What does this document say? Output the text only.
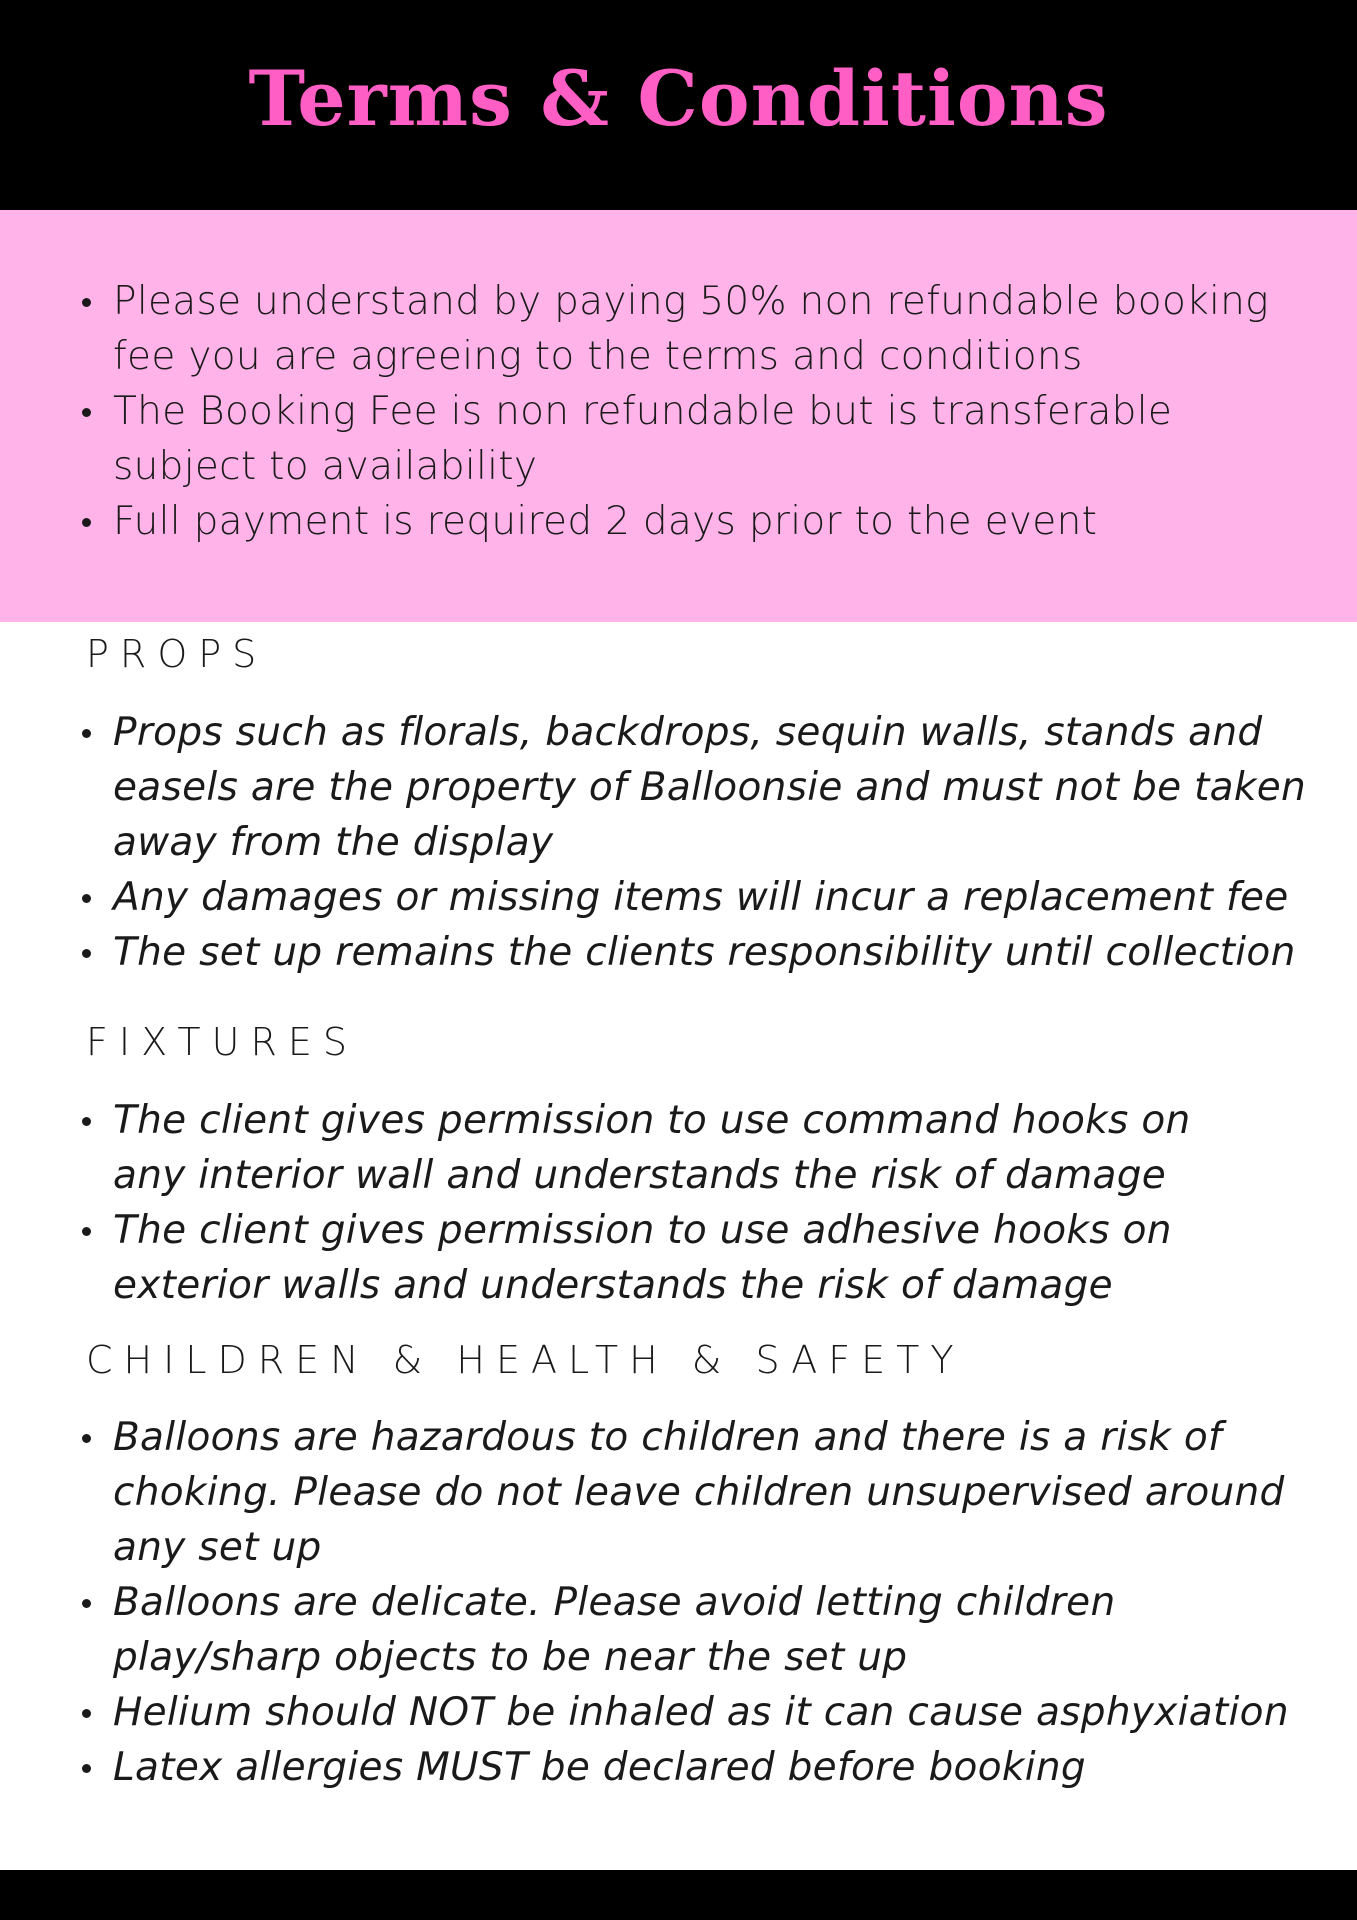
Terms & Conditions
Please understand by paying 50% non refundable booking fee you are agreeing to the terms and conditions
The Booking Fee is non refundable but is transferable subject to availability
Full payment is required 2 days prior to the event
PROPS
Props such as florals, backdrops, sequin walls, stands and easels are the property of Balloonsie and must not be taken away from the display
Any damages or missing items will incur a replacement fee
The set up remains the clients responsibility until collection
FIXTURES
The client gives permission to use command hooks on any interior wall and understands the risk of damage
The client gives permission to use adhesive hooks on exterior walls and understands the risk of damage
CHILDREN & HEALTH & SAFETY
Balloons are hazardous to children and there is a risk of choking. Please do not leave children unsupervised around any set up
Balloons are delicate. Please avoid letting children play/sharp objects to be near the set up
Helium should NOT be inhaled as it can cause asphyxiation
Latex allergies MUST be declared before booking
